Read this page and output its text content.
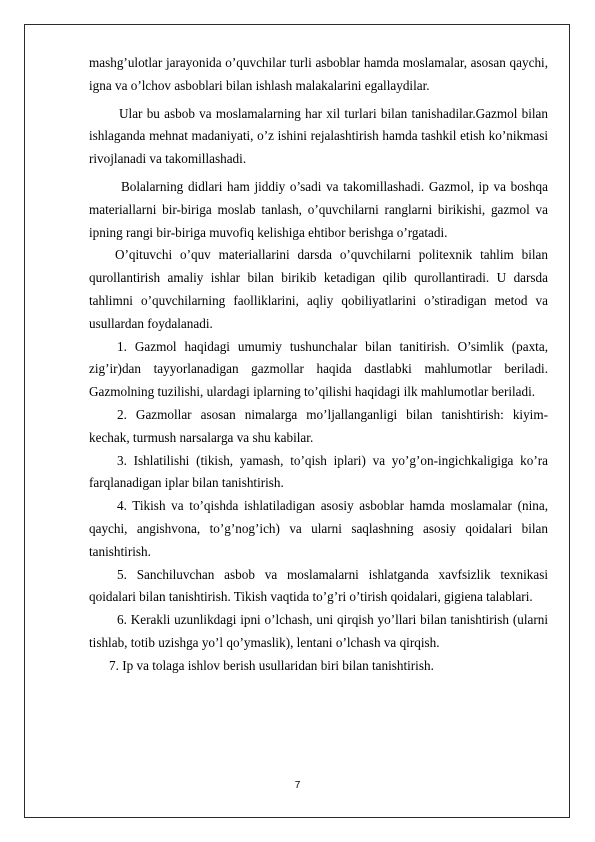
mashg’ulotlar jarayonida o’quvchilar turli asboblar hamda moslamalar, asosan qaychi, igna va o’lchov asboblari bilan ishlash malakalarini egallaydilar.

Ular bu asbob va moslamalarning har xil turlari bilan tanishadilar.Gazmol bilan ishlaganda mehnat madaniyati, o’z ishini rejalashtirish hamda tashkil etish ko’nikmasi rivojlanadi va takomillashadi.

Bolalarning didlari ham jiddiy o’sadi va takomillashadi. Gazmol, ip va boshqa materiallarni bir-biriga moslab tanlash, o’quvchilarni ranglarni birikishi, gazmol va ipning rangi bir-biriga muvofiq kelishiga ehtibor berishga o’rgatadi.

O’qituvchi o’quv materiallarini darsda o’quvchilarni politexnik tahlim bilan qurollantirish amaliy ishlar bilan birikib ketadigan qilib qurollantiradi. U darsda tahlimni o’quvchilarning faolliklarini, aqliy qobiliyatlarini o’stiradigan metod va usullardan foydalanadi.

1. Gazmol haqidagi umumiy tushunchalar bilan tanitirish. O’simlik (paxta, zig’ir)dan tayyorlanadigan gazmollar haqida dastlabki mahlumotlar beriladi. Gazmolning tuzilishi, ulardagi iplarning to’qilishi haqidagi ilk mahlumotlar beriladi.

2. Gazmollar asosan nimalarga mo’ljallanganligi bilan tanishtirish: kiyim-kechak, turmush narsalarga va shu kabilar.

3. Ishlatilishi (tikish, yamash, to’qish iplari) va yo’g’on-ingichkaligiga ko’ra farqlanadigan iplar bilan tanishtirish.

4. Tikish va to’qishda ishlatiladigan asosiy asboblar hamda moslamalar (nina, qaychi, angishvona, to’g’nog’ich) va ularni saqlashning asosiy qoidalari bilan tanishtirish.

5. Sanchiluvchan asbob va moslamalarni ishlatganda xavfsizlik texnikasi qoidalari bilan tanishtirish. Tikish vaqtida to’g’ri o’tirish qoidalari, gigiena talablari.

6. Kerakli uzunlikdagi ipni o’lchash, uni qirqish yo’llari bilan tanishtirish (ularni tishlab, totib uzishga yo’l qo’ymaslik), lentani o’lchash va qirqish.

7. Ip va tolaga ishlov berish usullaridan biri bilan tanishtirish.

7
